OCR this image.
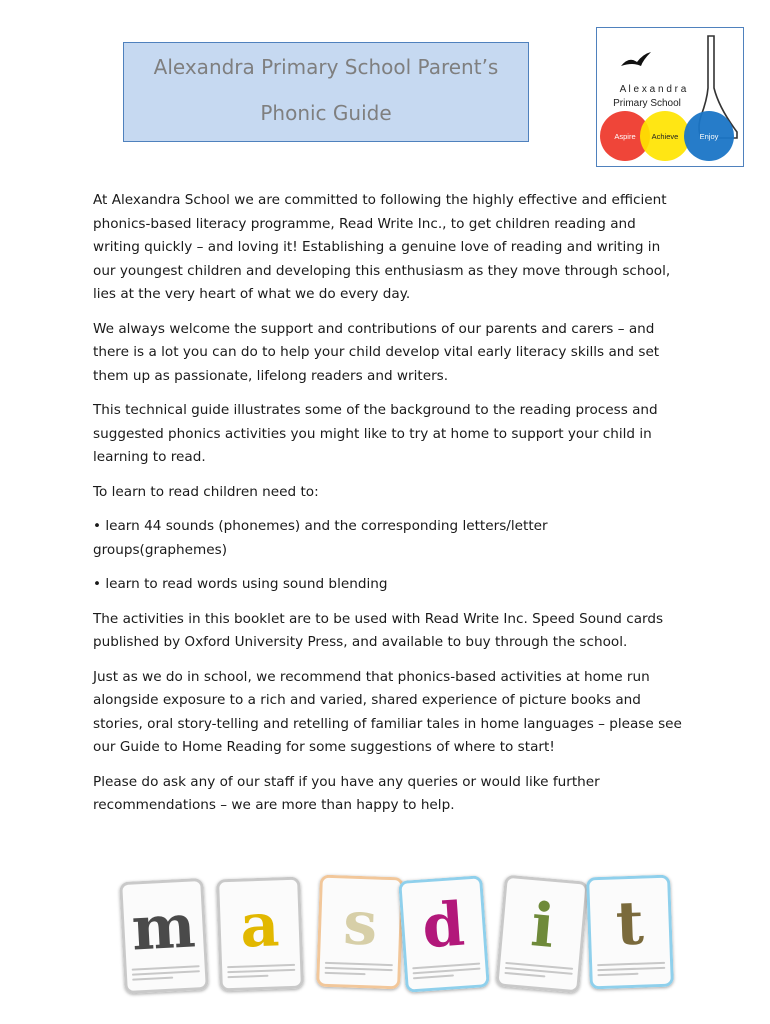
Alexandra Primary School Parent’s
Phonic Guide
A l e x a n d r a
Primary School
Aspire Achieve	Enjoy

At Alexandra School we are committed to following the highly effective and efficient phonics-based literacy programme, Read Write Inc., to get children reading and writing quickly – and loving it! Establishing a genuine love of reading and writing in our youngest children and developing this enthusiasm as they move through school, lies at the very heart of what we do every day.

We always welcome the support and contributions of our parents and carers – and there is a lot you can do to help your child develop vital early literacy skills and set them up as passionate, lifelong readers and writers.

This technical guide illustrates some of the background to the reading process and suggested phonics activities you might like to try at home to support your child in learning to read.

To learn to read children need to:

• learn 44 sounds (phonemes) and the corresponding letters/letter groups(graphemes)

• learn to read words using sound blending

The activities in this booklet are to be used with Read Write Inc. Speed Sound cards published by Oxford University Press, and available to buy through the school.

Just as we do in school, we recommend that phonics-based activities at home run alongside exposure to a rich and varied, shared experience of picture books and stories, oral story-telling and retelling of familiar tales in home languages – please see our Guide to Home Reading for some suggestions of where to start!

Please do ask any of our staff if you have any queries or would like further recommendations – we are more than happy to help.

m a	s d	i t
